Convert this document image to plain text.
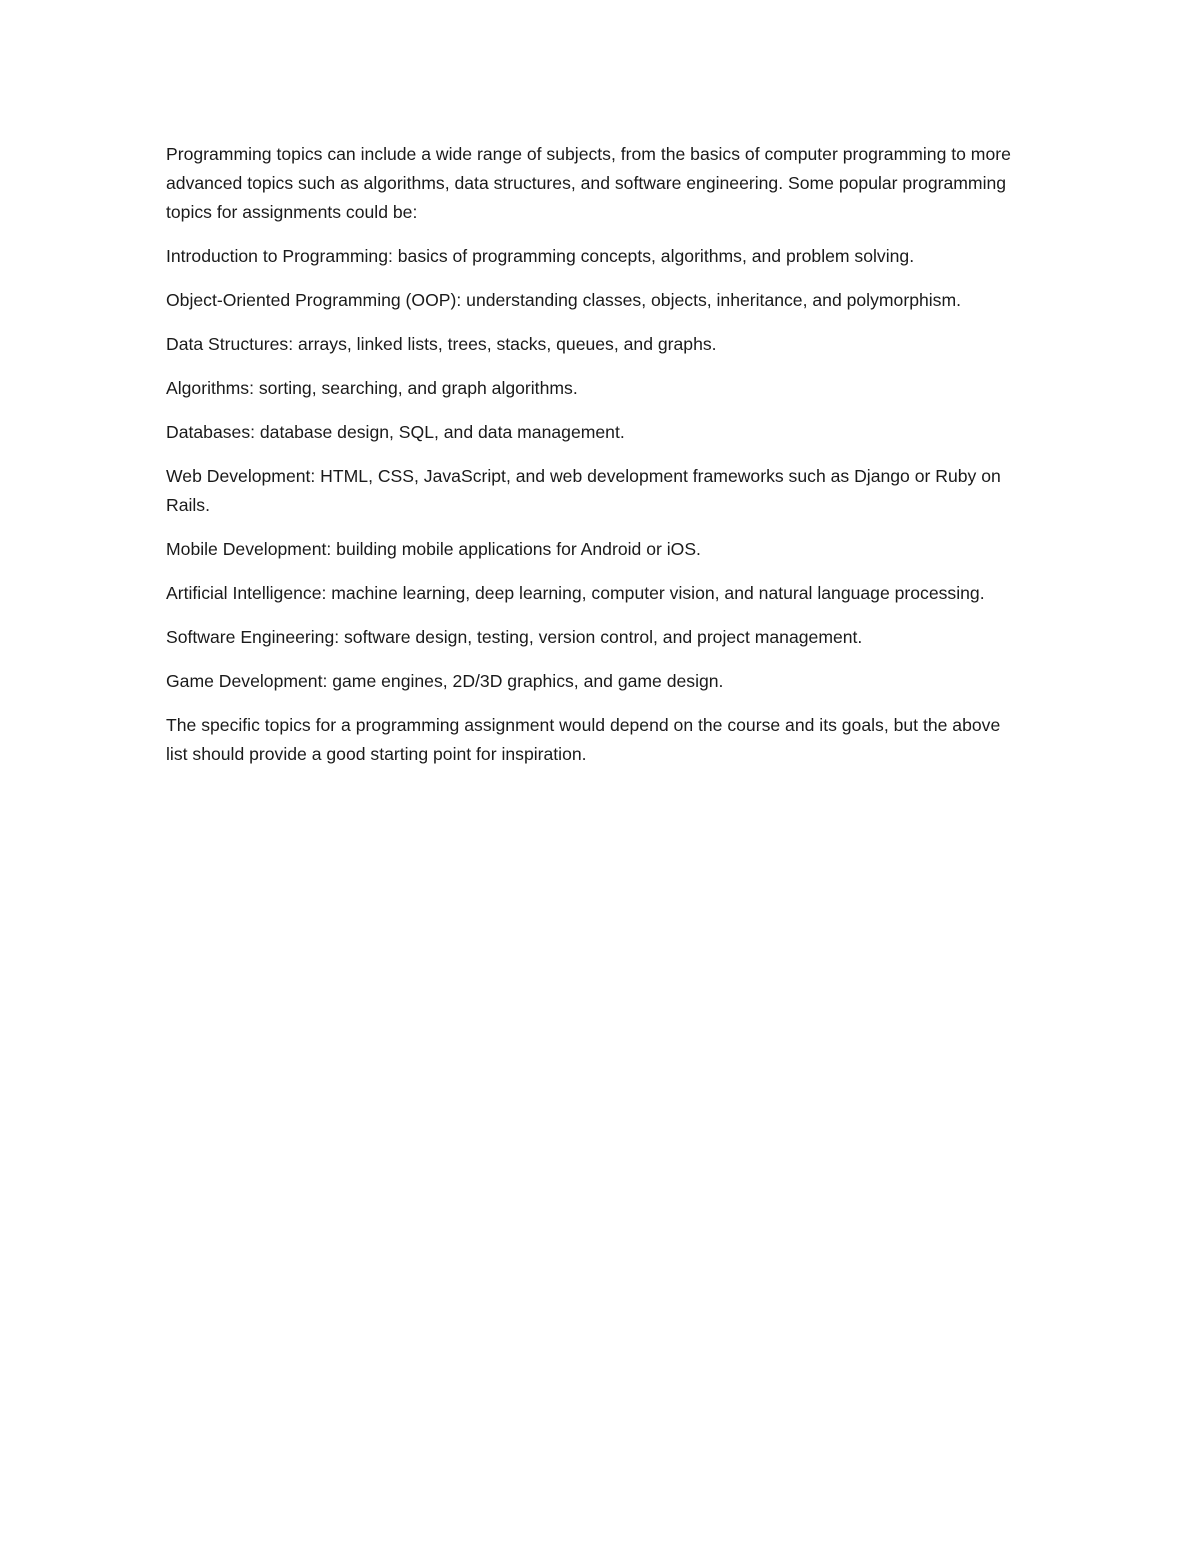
Programming topics can include a wide range of subjects, from the basics of computer programming to more advanced topics such as algorithms, data structures, and software engineering. Some popular programming topics for assignments could be:

Introduction to Programming: basics of programming concepts, algorithms, and problem solving.

Object-Oriented Programming (OOP): understanding classes, objects, inheritance, and polymorphism.

Data Structures: arrays, linked lists, trees, stacks, queues, and graphs.

Algorithms: sorting, searching, and graph algorithms.

Databases: database design, SQL, and data management.

Web Development: HTML, CSS, JavaScript, and web development frameworks such as Django or Ruby on Rails.

Mobile Development: building mobile applications for Android or iOS.

Artificial Intelligence: machine learning, deep learning, computer vision, and natural language processing.

Software Engineering: software design, testing, version control, and project management.

Game Development: game engines, 2D/3D graphics, and game design.

The specific topics for a programming assignment would depend on the course and its goals, but the above list should provide a good starting point for inspiration.
